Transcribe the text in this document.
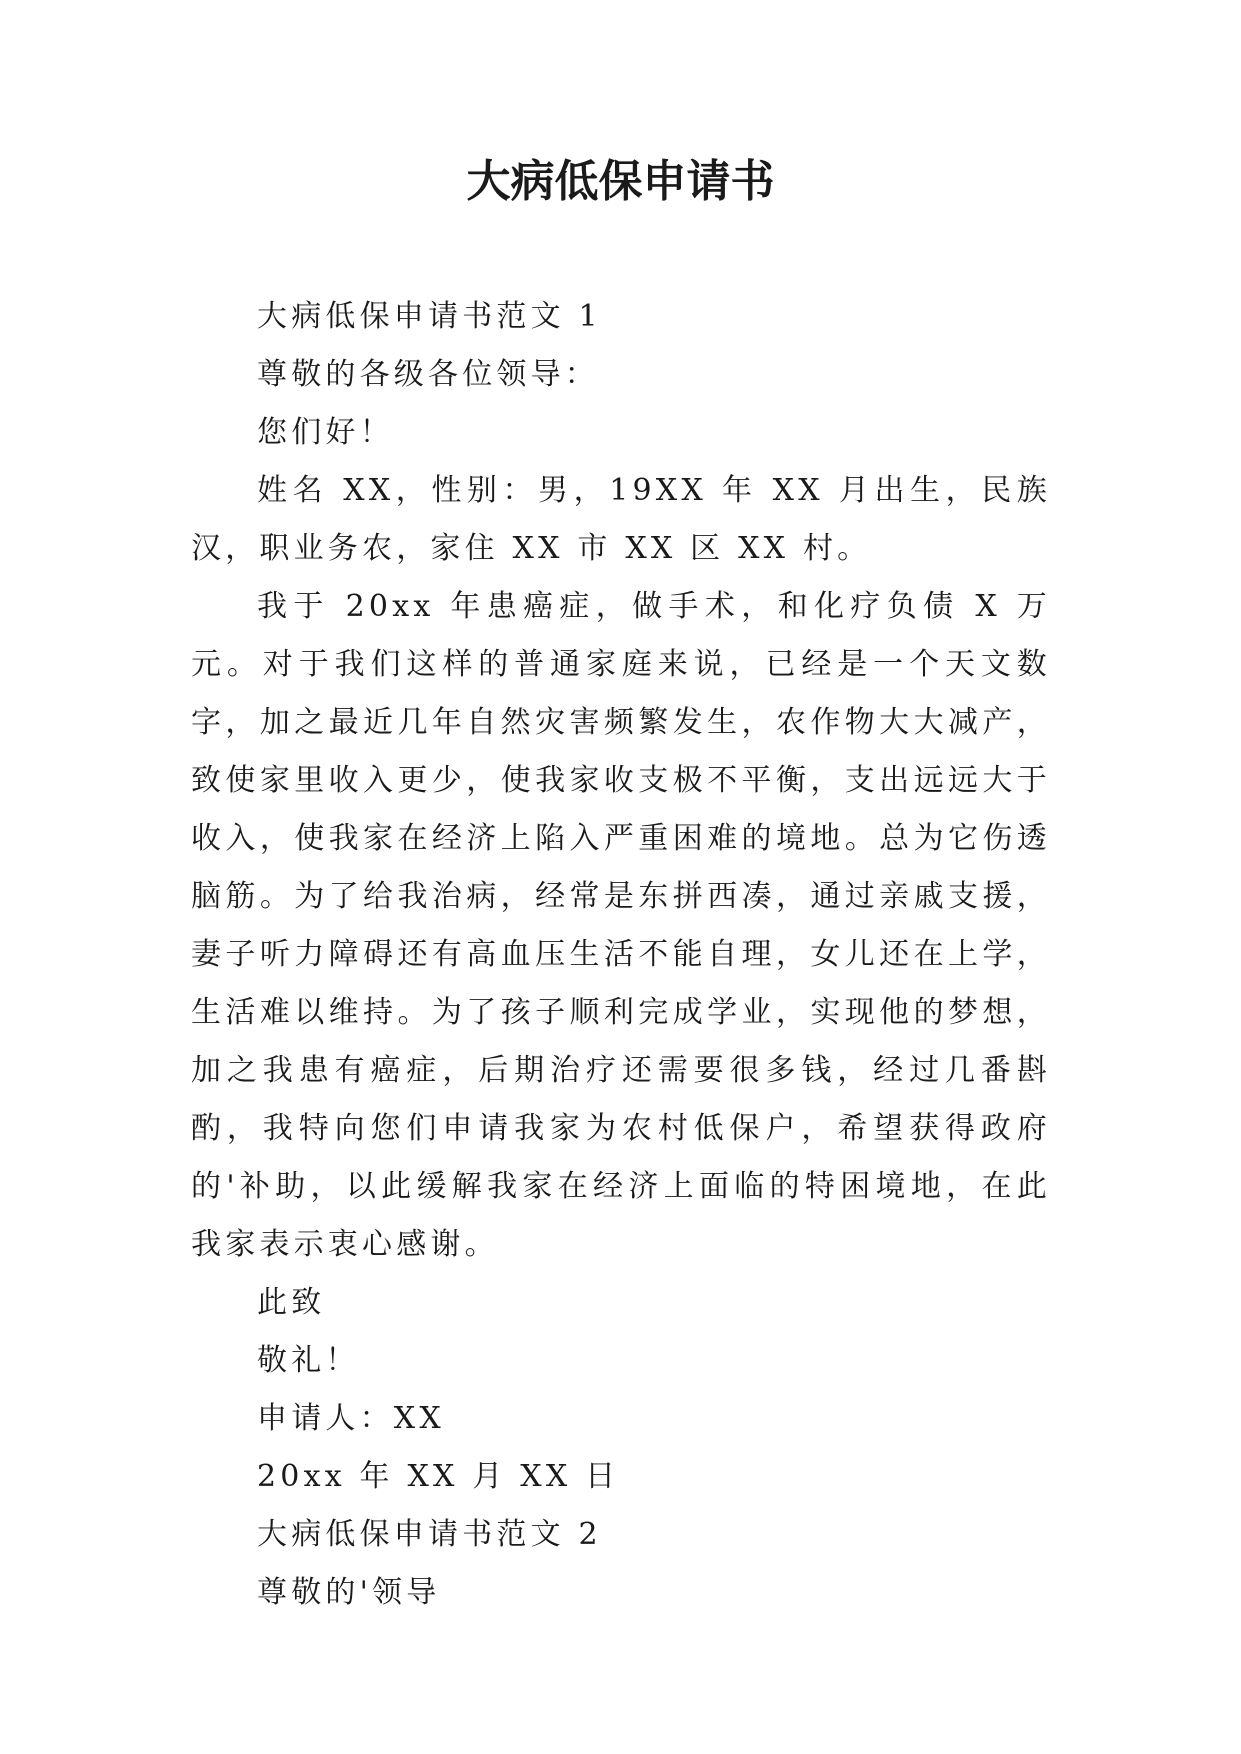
大病低保申请书

大病低保申请书范文 1

尊敬的各级各位领导：

您们好！

姓名 XX，性别：男，19XX 年 XX 月出生，民族汉，职业务农，家住 XX 市 XX 区 XX 村。

我于 20xx 年患癌症，做手术，和化疗负债 X 万元。对于我们这样的普通家庭来说，已经是一个天文数字，加之最近几年自然灾害频繁发生，农作物大大减产，致使家里收入更少，使我家收支极不平衡，支出远远大于收入，使我家在经济上陷入严重困难的境地。总为它伤透脑筋。为了给我治病，经常是东拼西凑，通过亲戚支援，妻子听力障碍还有高血压生活不能自理，女儿还在上学，生活难以维持。为了孩子顺利完成学业，实现他的梦想，加之我患有癌症，后期治疗还需要很多钱，经过几番斟酌，我特向您们申请我家为农村低保户，希望获得政府的'补助，以此缓解我家在经济上面临的特困境地，在此我家表示衷心感谢。

此致

敬礼！

申请人：XX

20xx 年 XX 月 XX 日

大病低保申请书范文 2

尊敬的'领导
